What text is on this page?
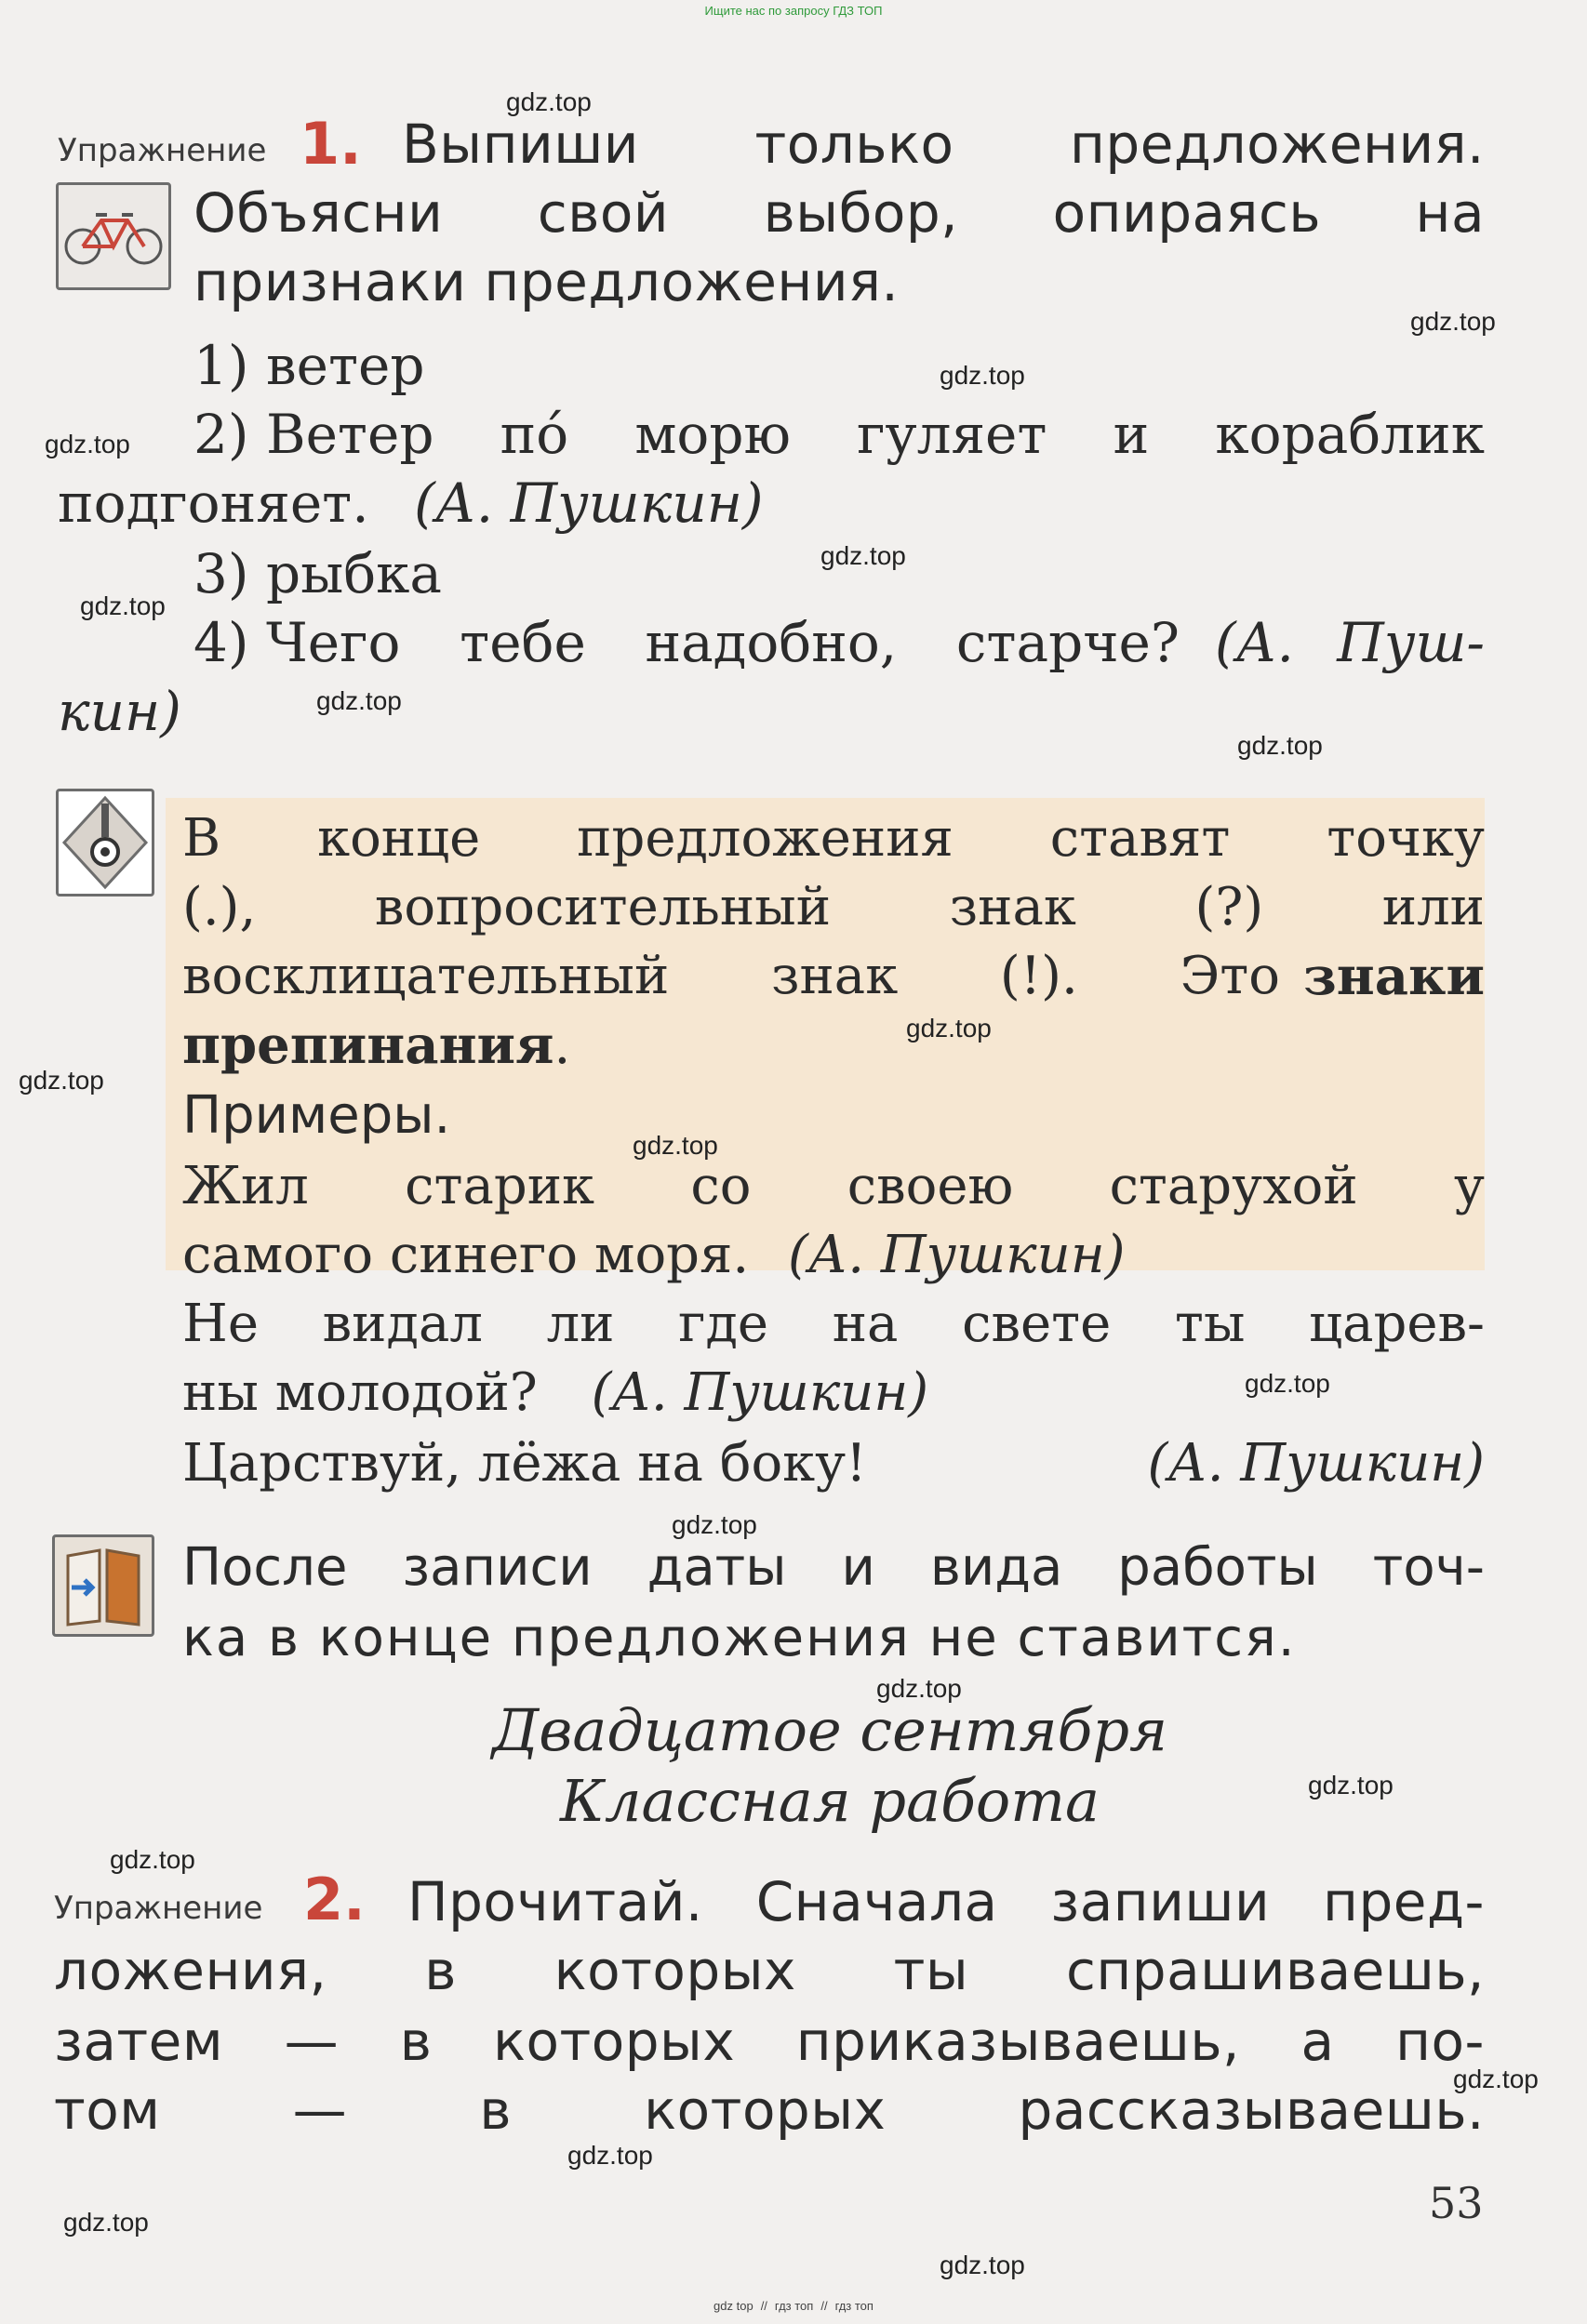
Ищите нас по запросу ГДЗ ТОП
Упражнение 1. Выпиши только предложения.
Объясни свой выбор, опираясь на
признаки предложения.
1) ветер
2) Ветер пó морю гуляет и кораблик
подгоняет. (А. Пушкин)
3) рыбка
4) Чего тебе надобно, старче? (А. Пуш-
кин)
В конце предложения ставят точку
(.), вопросительный знак (?) или
восклицательный знак (!). Это знаки
препинания.
Примеры.
Жил старик со своею старухой у
самого синего моря. (А. Пушкин)
Не видал ли где на свете ты царев-
ны молодой? (А. Пушкин)
Царствуй, лёжа на боку!	(А. Пушкин)
После записи даты и вида работы точ-
ка в конце предложения не ставится.
Двадцатое сентября
Классная работа
Упражнение 2. Прочитай. Сначала запиши пред-
ложения, в которых ты спрашиваешь,
затем — в которых приказываешь, а по-
том — в которых рассказываешь.
53
gdz.top
gdz.top
gdz.top
gdz.top
gdz.top
gdz.top
gdz.top
gdz.top
gdz.top
gdz.top
gdz.top
gdz.top
gdz.top
gdz.top
gdz.top
gdz.top
gdz.top
gdz.top
gdz.top
gdz.top
gdz top // гдз топ // гдз топ
